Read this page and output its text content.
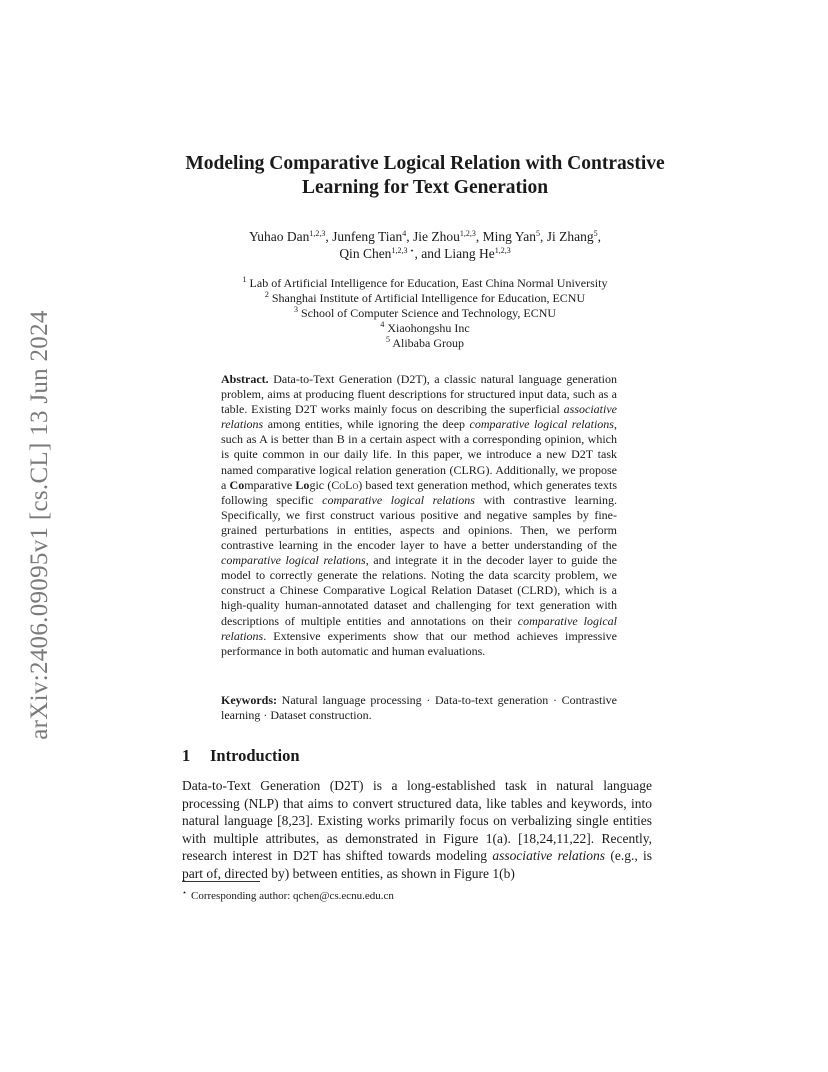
arXiv:2406.09095v1 [cs.CL] 13 Jun 2024
Modeling Comparative Logical Relation with Contrastive Learning for Text Generation
Yuhao Dan$^{1,2,3}$, Junfeng Tian$^4$, Jie Zhou$^{1,2,3}$, Ming Yan$^5$, Ji Zhang$^5$,
Qin Chen$^{1,2,3 ⋆}$, and Liang He$^{1,2,3}$
$^1$ Lab of Artificial Intelligence for Education, East China Normal University
$^2$ Shanghai Institute of Artificial Intelligence for Education, ECNU
$^3$ School of Computer Science and Technology, ECNU
$^4$ Xiaohongshu Inc
$^5$ Alibaba Group
Abstract. Data-to-Text Generation (D2T), a classic natural language generation problem, aims at producing fluent descriptions for structured input data, such as a table. Existing D2T works mainly focus on describing the superficial associative relations among entities, while ignoring the deep comparative logical relations, such as A is better than B in a certain aspect with a corresponding opinion, which is quite common in our daily life. In this paper, we introduce a new D2T task named comparative logical relation generation (CLRG). Additionally, we propose a Comparative Logic (CoLo) based text generation method, which generates texts following specific comparative logical relations with contrastive learning. Specifically, we first construct various positive and negative samples by fine-grained perturbations in entities, aspects and opinions. Then, we perform contrastive learning in the encoder layer to have a better understanding of the comparative logical relations, and integrate it in the decoder layer to guide the model to correctly generate the relations. Noting the data scarcity problem, we construct a Chinese Comparative Logical Relation Dataset (CLRD), which is a high-quality human-annotated dataset and challenging for text generation with descriptions of multiple entities and annotations on their comparative logical relations. Extensive experiments show that our method achieves impressive performance in both automatic and human evaluations.
Keywords: Natural language processing · Data-to-text generation · Contrastive learning · Dataset construction.
1 Introduction
Data-to-Text Generation (D2T) is a long-established task in natural language processing (NLP) that aims to convert structured data, like tables and keywords, into natural language [8,23]. Existing works primarily focus on verbalizing single entities with multiple attributes, as demonstrated in Figure 1(a). [18,24,11,22]. Recently, research interest in D2T has shifted towards modeling associative relations (e.g., is part of, directed by) between entities, as shown in Figure 1(b)
⋆ Corresponding author: qchen@cs.ecnu.edu.cn
